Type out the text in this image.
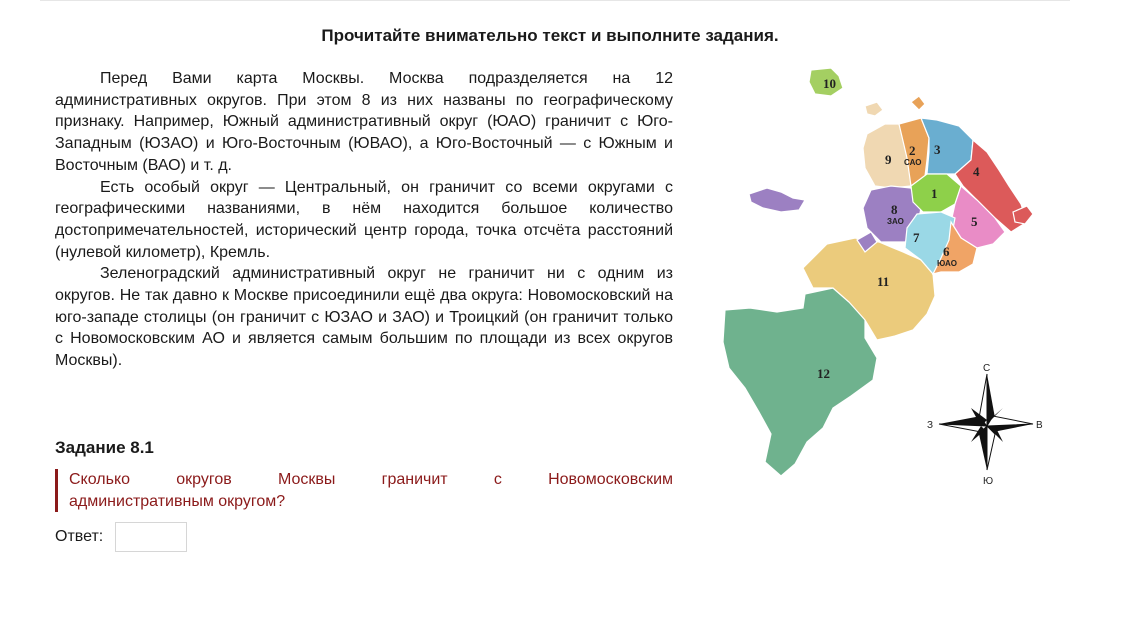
Прочитайте внимательно текст и выполните задания.

Перед Вами карта Москвы. Москва подразделяется на 12 административных округов. При этом 8 из них названы по географическому признаку. Например, Южный административный округ (ЮАО) граничит с Юго-Западным (ЮЗАО) и Юго-Восточным (ЮВАО), а Юго-Восточный — с Южным и Восточным (ВАО) и т. д.

Есть особый округ — Центральный, он граничит со всеми округами с географическими названиями, в нём находится большое количество достопримечательностей, исторический центр города, точка отсчёта расстояний (нулевой километр), Кремль.

Зеленоградский административный округ не граничит ни с одним из округов. Не так давно к Москве присоединили ещё два округа: Новомосковский на юго-западе столицы (он граничит с ЮЗАО и ЗАО) и Троицкий (он граничит только с Новомосковским АО и является самым большим по площади из всех округов Москвы).

Задание 8.1
Сколько округов Москвы граничит с Новомосковским
административным округом?
Ответ:
10
9
2
САО
3
4
1
5
8
ЗАО
7
6
ЮАО
11
12	С
Ю
З	В
